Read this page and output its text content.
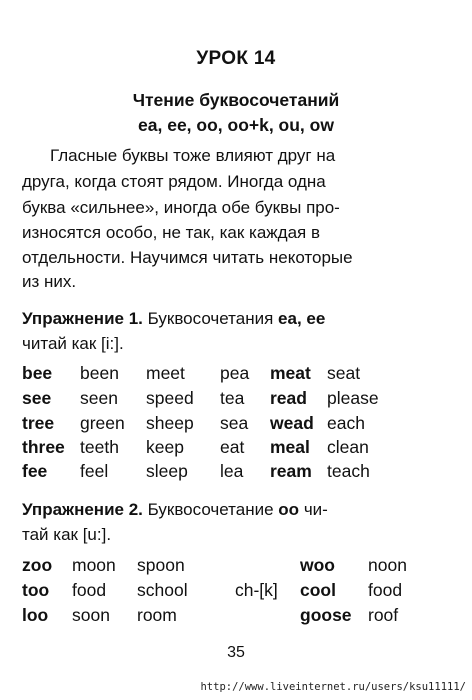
УРОК 14
Чтение буквосочетаний
ea, ee, oo, oo+k, ou, ow
Гласные буквы тоже влияют друг на
друга, когда стоят рядом. Иногда одна
буква «сильнее», иногда обе буквы про-
износятся особо, не так, как каждая в
отдельности. Научимся читать некоторые
из них.
Упражнение 1. Буквосочетания ea, ee
читай как [i:].
bee been meet pea meat seat
see seen speed tea read please
tree green sheep sea wead each
three teeth keep eat meal clean
fee feel sleep lea ream teach
Упражнение 2. Буквосочетание oo чи-
тай как [u:].
zoo moon spoon	woo noon
too food school	ch-[k] cool food
loo soon room	goose roof
35
http://www.liveinternet.ru/users/ksu11111/
